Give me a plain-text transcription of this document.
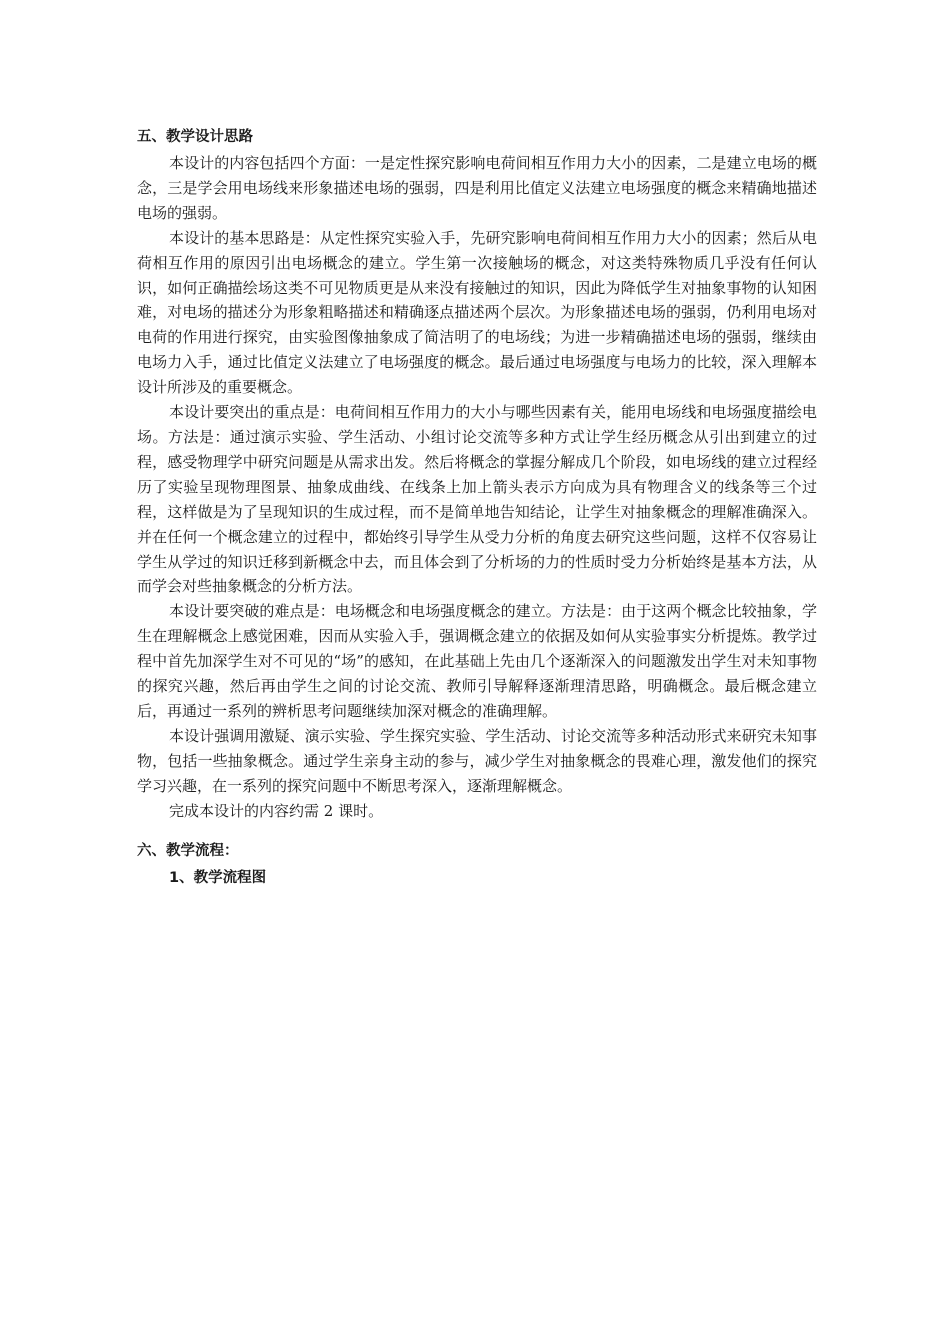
五、教学设计思路

本设计的内容包括四个方面：一是定性探究影响电荷间相互作用力大小的因素，二是建立电场的概念，三是学会用电场线来形象描述电场的强弱，四是利用比值定义法建立电场强度的概念来精确地描述电场的强弱。

本设计的基本思路是：从定性探究实验入手，先研究影响电荷间相互作用力大小的因素；然后从电荷相互作用的原因引出电场概念的建立。学生第一次接触场的概念，对这类特殊物质几乎没有任何认识，如何正确描绘场这类不可见物质更是从来没有接触过的知识，因此为降低学生对抽象事物的认知困难，对电场的描述分为形象粗略描述和精确逐点描述两个层次。为形象描述电场的强弱，仍利用电场对电荷的作用进行探究，由实验图像抽象成了简洁明了的电场线；为进一步精确描述电场的强弱，继续由电场力入手，通过比值定义法建立了电场强度的概念。最后通过电场强度与电场力的比较，深入理解本设计所涉及的重要概念。

本设计要突出的重点是：电荷间相互作用力的大小与哪些因素有关，能用电场线和电场强度描绘电场。方法是：通过演示实验、学生活动、小组讨论交流等多种方式让学生经历概念从引出到建立的过程，感受物理学中研究问题是从需求出发。然后将概念的掌握分解成几个阶段，如电场线的建立过程经历了实验呈现物理图景、抽象成曲线、在线条上加上箭头表示方向成为具有物理含义的线条等三个过程，这样做是为了呈现知识的生成过程，而不是简单地告知结论，让学生对抽象概念的理解准确深入。并在任何一个概念建立的过程中，都始终引导学生从受力分析的角度去研究这些问题，这样不仅容易让学生从学过的知识迁移到新概念中去，而且体会到了分析场的力的性质时受力分析始终是基本方法，从而学会对些抽象概念的分析方法。

本设计要突破的难点是：电场概念和电场强度概念的建立。方法是：由于这两个概念比较抽象，学生在理解概念上感觉困难，因而从实验入手，强调概念建立的依据及如何从实验事实分析提炼。教学过程中首先加深学生对不可见的“场”的感知，在此基础上先由几个逐渐深入的问题激发出学生对未知事物的探究兴趣，然后再由学生之间的讨论交流、教师引导解释逐渐理清思路，明确概念。最后概念建立后，再通过一系列的辨析思考问题继续加深对概念的准确理解。

本设计强调用激疑、演示实验、学生探究实验、学生活动、讨论交流等多种活动形式来研究未知事物，包括一些抽象概念。通过学生亲身主动的参与，减少学生对抽象概念的畏难心理，激发他们的探究学习兴趣，在一系列的探究问题中不断思考深入，逐渐理解概念。

完成本设计的内容约需 2 课时。

六、教学流程：

1、教学流程图
